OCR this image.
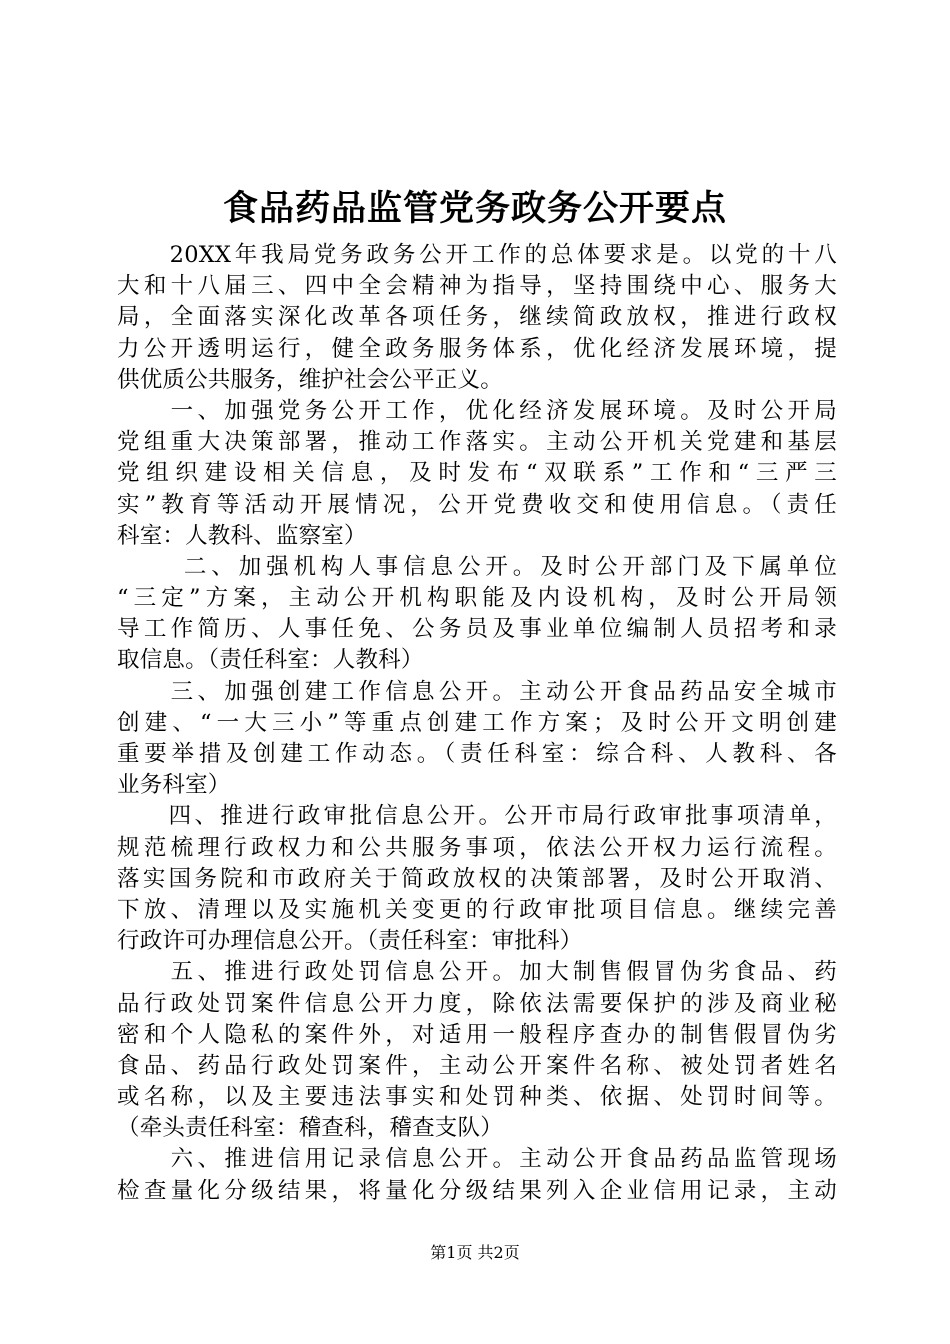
食品药品监管党务政务公开要点
　　20XX年我局党务政务公开工作的总体要求是。以党的十八
大和十八届三、四中全会精神为指导，坚持围绕中心、服务大
局，全面落实深化改革各项任务，继续简政放权，推进行政权
力公开透明运行，健全政务服务体系，优化经济发展环境，提
供优质公共服务，维护社会公平正义。
　　一、加强党务公开工作，优化经济发展环境。及时公开局
党组重大决策部署，推动工作落实。主动公开机关党建和基层
党组织建设相关信息，及时发布“双联系”工作和“三严三
实”教育等活动开展情况，公开党费收交和使用信息。（责任
科室：人教科、监察室）
　　 二、加强机构人事信息公开。及时公开部门及下属单位
“三定”方案，主动公开机构职能及内设机构，及时公开局领
导工作简历、人事任免、公务员及事业单位编制人员招考和录
取信息。（责任科室：人教科）
　　三、加强创建工作信息公开。主动公开食品药品安全城市
创建、“一大三小”等重点创建工作方案；及时公开文明创建
重要举措及创建工作动态。（责任科室：综合科、人教科、各
业务科室）
　　四、推进行政审批信息公开。公开市局行政审批事项清单，
规范梳理行政权力和公共服务事项，依法公开权力运行流程。
落实国务院和市政府关于简政放权的决策部署，及时公开取消、
下放、清理以及实施机关变更的行政审批项目信息。继续完善
行政许可办理信息公开。（责任科室：审批科）
　　五、推进行政处罚信息公开。加大制售假冒伪劣食品、药
品行政处罚案件信息公开力度，除依法需要保护的涉及商业秘
密和个人隐私的案件外，对适用一般程序查办的制售假冒伪劣
食品、药品行政处罚案件，主动公开案件名称、被处罚者姓名
或名称，以及主要违法事实和处罚种类、依据、处罚时间等。
（牵头责任科室：稽查科，稽查支队）
　　六、推进信用记录信息公开。主动公开食品药品监管现场
检查量化分级结果，将量化分级结果列入企业信用记录，主动
第1页 共2页
